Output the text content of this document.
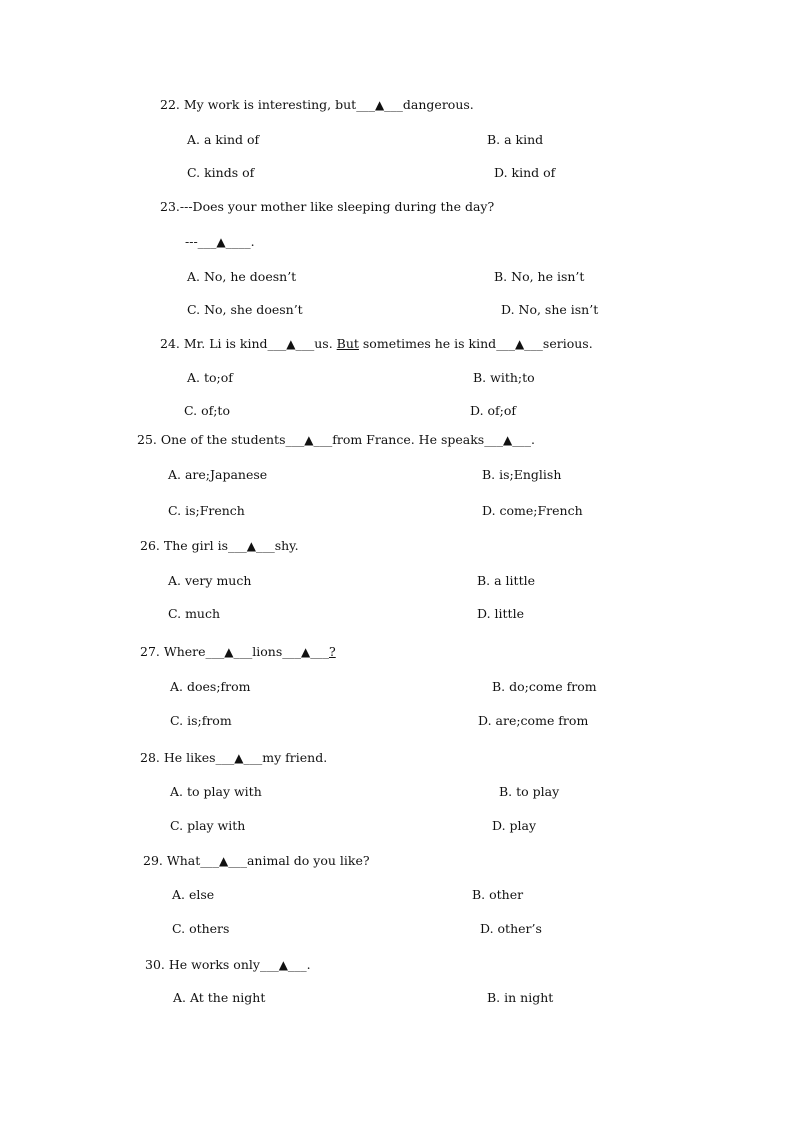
22. My work is interesting, but___▲___dangerous.
A. a kind of	B. a kind
C. kinds of	D. kind of
23.---Does your mother like sleeping during the day?
---___▲____.
A. No, he doesn’t	B. No, he isn’t
C. No, she doesn’t	D. No, she isn’t
24. Mr. Li is kind___▲___us. But sometimes he is kind___▲___serious.
A. to;of	B. with;to
C. of;to	D. of;of
25. One of the students___▲___from France. He speaks___▲___.
A. are;Japanese	B. is;English
C. is;French	D. come;French
26. The girl is___▲___shy.
A. very much	B. a little
C. much	D. little
27. Where___▲___lions___▲___?
A. does;from	B. do;come from
C. is;from	D. are;come from
28. He likes___▲___my friend.
A. to play with	B. to play
C. play with	D. play
29. What___▲___animal do you like?
A. else	B. other
C. others	D. other’s
30. He works only___▲___.
A. At the night	B. in night
